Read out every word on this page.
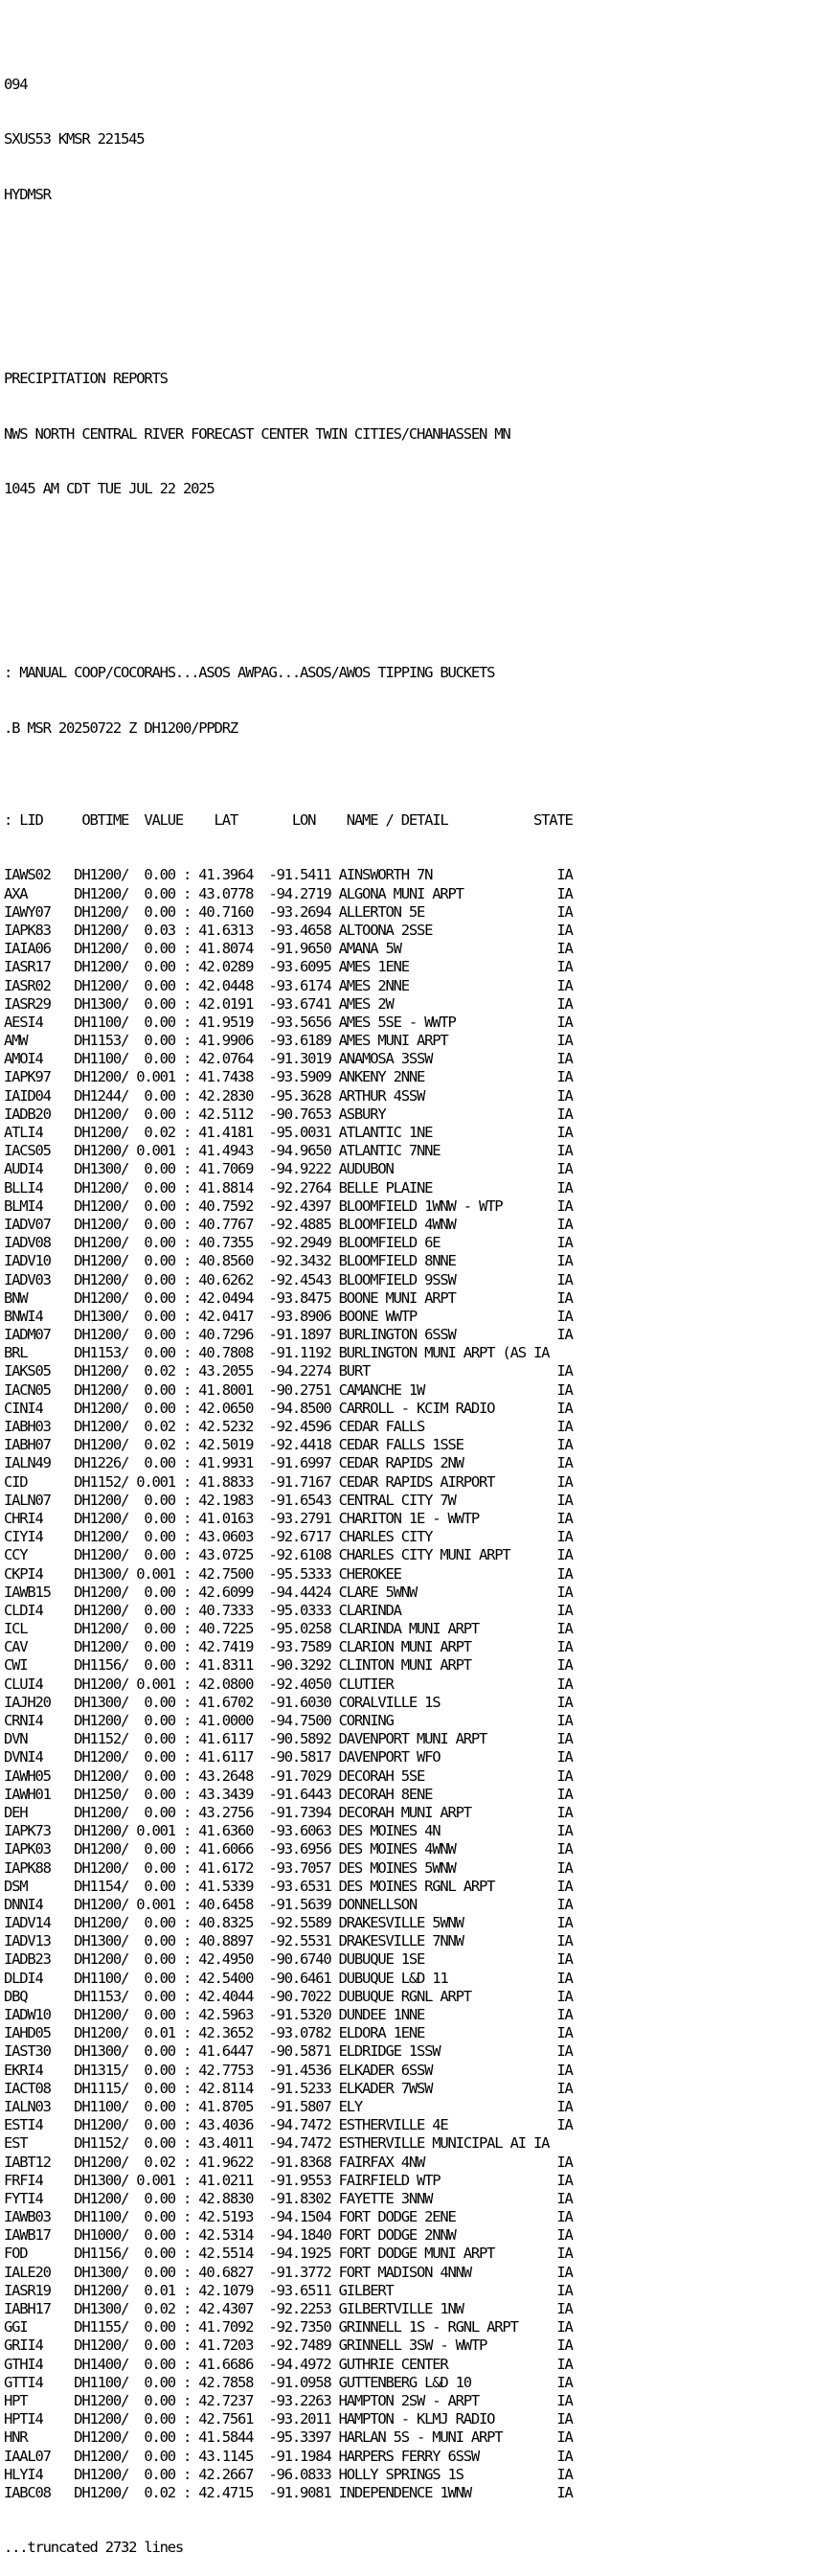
094

SXUS53 KMSR 221545

HYDMSR

PRECIPITATION REPORTS

NWS NORTH CENTRAL RIVER FORECAST CENTER TWIN CITIES/CHANHASSEN MN

1045 AM CDT TUE JUL 22 2025

: MANUAL COOP/COCORAHS...ASOS AWPAG...ASOS/AWOS TIPPING BUCKETS

.B MSR 20250722 Z DH1200/PPDRZ

: LID     OBTIME  VALUE    LAT       LON    NAME / DETAIL           STATE

IAWS02   DH1200/  0.00 : 41.3964  -91.5411 AINSWORTH 7N                IA
AXA      DH1200/  0.00 : 43.0778  -94.2719 ALGONA MUNI ARPT            IA
IAWY07   DH1200/  0.00 : 40.7160  -93.2694 ALLERTON 5E                 IA
IAPK83   DH1200/  0.03 : 41.6313  -93.4658 ALTOONA 2SSE                IA
IAIA06   DH1200/  0.00 : 41.8074  -91.9650 AMANA 5W                    IA
IASR17   DH1200/  0.00 : 42.0289  -93.6095 AMES 1ENE                   IA
IASR02   DH1200/  0.00 : 42.0448  -93.6174 AMES 2NNE                   IA
IASR29   DH1300/  0.00 : 42.0191  -93.6741 AMES 2W                     IA
AESI4    DH1100/  0.00 : 41.9519  -93.5656 AMES 5SE - WWTP             IA
AMW      DH1153/  0.00 : 41.9906  -93.6189 AMES MUNI ARPT              IA
AMOI4    DH1100/  0.00 : 42.0764  -91.3019 ANAMOSA 3SSW                IA
IAPK97   DH1200/ 0.001 : 41.7438  -93.5909 ANKENY 2NNE                 IA
IAID04   DH1244/  0.00 : 42.2830  -95.3628 ARTHUR 4SSW                 IA
IADB20   DH1200/  0.00 : 42.5112  -90.7653 ASBURY                      IA
ATLI4    DH1200/  0.02 : 41.4181  -95.0031 ATLANTIC 1NE                IA
IACS05   DH1200/ 0.001 : 41.4943  -94.9650 ATLANTIC 7NNE               IA
AUDI4    DH1300/  0.00 : 41.7069  -94.9222 AUDUBON                     IA
BLLI4    DH1200/  0.00 : 41.8814  -92.2764 BELLE PLAINE                IA
BLMI4    DH1200/  0.00 : 40.7592  -92.4397 BLOOMFIELD 1WNW - WTP       IA
IADV07   DH1200/  0.00 : 40.7767  -92.4885 BLOOMFIELD 4WNW             IA
IADV08   DH1200/  0.00 : 40.7355  -92.2949 BLOOMFIELD 6E               IA
IADV10   DH1200/  0.00 : 40.8560  -92.3432 BLOOMFIELD 8NNE             IA
IADV03   DH1200/  0.00 : 40.6262  -92.4543 BLOOMFIELD 9SSW             IA
BNW      DH1200/  0.00 : 42.0494  -93.8475 BOONE MUNI ARPT             IA
BNWI4    DH1300/  0.00 : 42.0417  -93.8906 BOONE WWTP                  IA
IADM07   DH1200/  0.00 : 40.7296  -91.1897 BURLINGTON 6SSW             IA
BRL      DH1153/  0.00 : 40.7808  -91.1192 BURLINGTON MUNI ARPT (AS IA
IAKS05   DH1200/  0.02 : 43.2055  -94.2274 BURT                        IA
IACN05   DH1200/  0.00 : 41.8001  -90.2751 CAMANCHE 1W                 IA
CINI4    DH1200/  0.00 : 42.0650  -94.8500 CARROLL - KCIM RADIO        IA
IABH03   DH1200/  0.02 : 42.5232  -92.4596 CEDAR FALLS                 IA
IABH07   DH1200/  0.02 : 42.5019  -92.4418 CEDAR FALLS 1SSE            IA
IALN49   DH1226/  0.00 : 41.9931  -91.6997 CEDAR RAPIDS 2NW            IA
CID      DH1152/ 0.001 : 41.8833  -91.7167 CEDAR RAPIDS AIRPORT        IA
IALN07   DH1200/  0.00 : 42.1983  -91.6543 CENTRAL CITY 7W             IA
CHRI4    DH1200/  0.00 : 41.0163  -93.2791 CHARITON 1E - WWTP          IA
CIYI4    DH1200/  0.00 : 43.0603  -92.6717 CHARLES CITY                IA
CCY      DH1200/  0.00 : 43.0725  -92.6108 CHARLES CITY MUNI ARPT      IA
CKPI4    DH1300/ 0.001 : 42.7500  -95.5333 CHEROKEE                    IA
IAWB15   DH1200/  0.00 : 42.6099  -94.4424 CLARE 5WNW                  IA
CLDI4    DH1200/  0.00 : 40.7333  -95.0333 CLARINDA                    IA
ICL      DH1200/  0.00 : 40.7225  -95.0258 CLARINDA MUNI ARPT          IA
CAV      DH1200/  0.00 : 42.7419  -93.7589 CLARION MUNI ARPT           IA
CWI      DH1156/  0.00 : 41.8311  -90.3292 CLINTON MUNI ARPT           IA
CLUI4    DH1200/ 0.001 : 42.0800  -92.4050 CLUTIER                     IA
IAJH20   DH1300/  0.00 : 41.6702  -91.6030 CORALVILLE 1S               IA
CRNI4    DH1200/  0.00 : 41.0000  -94.7500 CORNING                     IA
DVN      DH1152/  0.00 : 41.6117  -90.5892 DAVENPORT MUNI ARPT         IA
DVNI4    DH1200/  0.00 : 41.6117  -90.5817 DAVENPORT WFO               IA
IAWH05   DH1200/  0.00 : 43.2648  -91.7029 DECORAH 5SE                 IA
IAWH01   DH1250/  0.00 : 43.3439  -91.6443 DECORAH 8ENE                IA
DEH      DH1200/  0.00 : 43.2756  -91.7394 DECORAH MUNI ARPT           IA
IAPK73   DH1200/ 0.001 : 41.6360  -93.6063 DES MOINES 4N               IA
IAPK03   DH1200/  0.00 : 41.6066  -93.6956 DES MOINES 4WNW             IA
IAPK88   DH1200/  0.00 : 41.6172  -93.7057 DES MOINES 5WNW             IA
DSM      DH1154/  0.00 : 41.5339  -93.6531 DES MOINES RGNL ARPT        IA
DNNI4    DH1200/ 0.001 : 40.6458  -91.5639 DONNELLSON                  IA
IADV14   DH1200/  0.00 : 40.8325  -92.5589 DRAKESVILLE 5WNW            IA
IADV13   DH1300/  0.00 : 40.8897  -92.5531 DRAKESVILLE 7NNW            IA
IADB23   DH1200/  0.00 : 42.4950  -90.6740 DUBUQUE 1SE                 IA
DLDI4    DH1100/  0.00 : 42.5400  -90.6461 DUBUQUE L&D 11              IA
DBQ      DH1153/  0.00 : 42.4044  -90.7022 DUBUQUE RGNL ARPT           IA
IADW10   DH1200/  0.00 : 42.5963  -91.5320 DUNDEE 1NNE                 IA
IAHD05   DH1200/  0.01 : 42.3652  -93.0782 ELDORA 1ENE                 IA
IAST30   DH1300/  0.00 : 41.6447  -90.5871 ELDRIDGE 1SSW               IA
EKRI4    DH1315/  0.00 : 42.7753  -91.4536 ELKADER 6SSW                IA
IACT08   DH1115/  0.00 : 42.8114  -91.5233 ELKADER 7WSW                IA
IALN03   DH1100/  0.00 : 41.8705  -91.5807 ELY                         IA
ESTI4    DH1200/  0.00 : 43.4036  -94.7472 ESTHERVILLE 4E              IA
EST      DH1152/  0.00 : 43.4011  -94.7472 ESTHERVILLE MUNICIPAL AI IA
IABT12   DH1200/  0.02 : 41.9622  -91.8368 FAIRFAX 4NW                 IA
FRFI4    DH1300/ 0.001 : 41.0211  -91.9553 FAIRFIELD WTP               IA
FYTI4    DH1200/  0.00 : 42.8830  -91.8302 FAYETTE 3NNW                IA
IAWB03   DH1100/  0.00 : 42.5193  -94.1504 FORT DODGE 2ENE             IA
IAWB17   DH1000/  0.00 : 42.5314  -94.1840 FORT DODGE 2NNW             IA
FOD      DH1156/  0.00 : 42.5514  -94.1925 FORT DODGE MUNI ARPT        IA
IALE20   DH1300/  0.00 : 40.6827  -91.3772 FORT MADISON 4NNW           IA
IASR19   DH1200/  0.01 : 42.1079  -93.6511 GILBERT                     IA
IABH17   DH1300/  0.02 : 42.4307  -92.2253 GILBERTVILLE 1NW            IA
GGI      DH1155/  0.00 : 41.7092  -92.7350 GRINNELL 1S - RGNL ARPT     IA
GRII4    DH1200/  0.00 : 41.7203  -92.7489 GRINNELL 3SW - WWTP         IA
GTHI4    DH1400/  0.00 : 41.6686  -94.4972 GUTHRIE CENTER              IA
GTTI4    DH1100/  0.00 : 42.7858  -91.0958 GUTTENBERG L&D 10           IA
HPT      DH1200/  0.00 : 42.7237  -93.2263 HAMPTON 2SW - ARPT          IA
HPTI4    DH1200/  0.00 : 42.7561  -93.2011 HAMPTON - KLMJ RADIO        IA
HNR      DH1200/  0.00 : 41.5844  -95.3397 HARLAN 5S - MUNI ARPT       IA
IAAL07   DH1200/  0.00 : 43.1145  -91.1984 HARPERS FERRY 6SSW          IA
HLYI4    DH1200/  0.00 : 42.2667  -96.0833 HOLLY SPRINGS 1S            IA
IABC08   DH1200/  0.02 : 42.4715  -91.9081 INDEPENDENCE 1WNW           IA

...truncated 2732 lines
